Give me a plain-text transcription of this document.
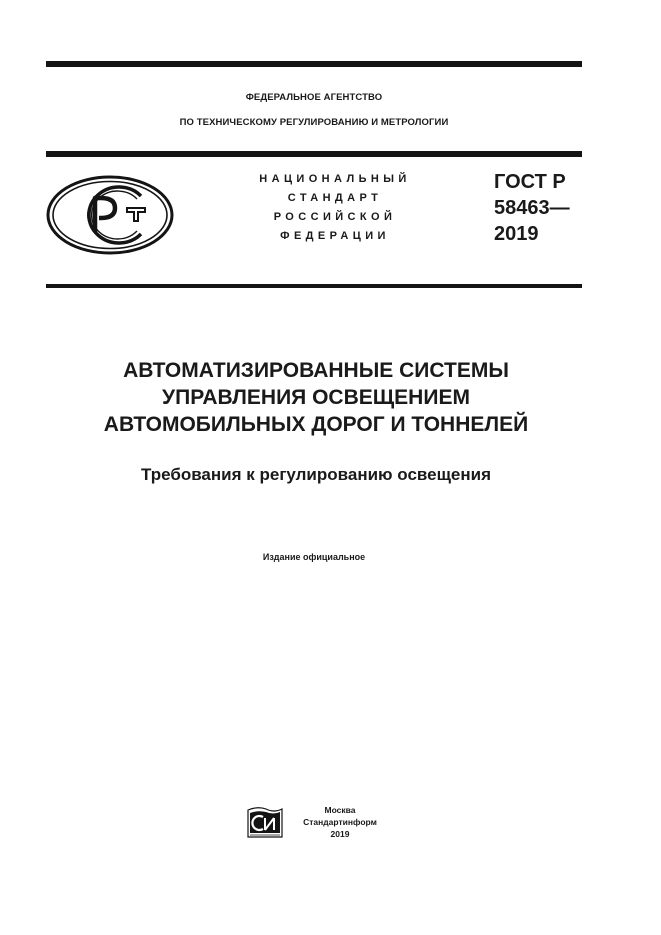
ФЕДЕРАЛЬНОЕ АГЕНТСТВО
ПО ТЕХНИЧЕСКОМУ РЕГУЛИРОВАНИЮ И МЕТРОЛОГИИ
НАЦИОНАЛЬНЫЙ
СТАНДАРТ
РОССИЙСКОЙ
ФЕДЕРАЦИИ
ГОСТ Р
58463—
2019
АВТОМАТИЗИРОВАННЫЕ СИСТЕМЫ
УПРАВЛЕНИЯ ОСВЕЩЕНИЕМ
АВТОМОБИЛЬНЫХ ДОРОГ И ТОННЕЛЕЙ
Требования к регулированию освещения
Издание официальное
Москва
Стандартинформ
2019
